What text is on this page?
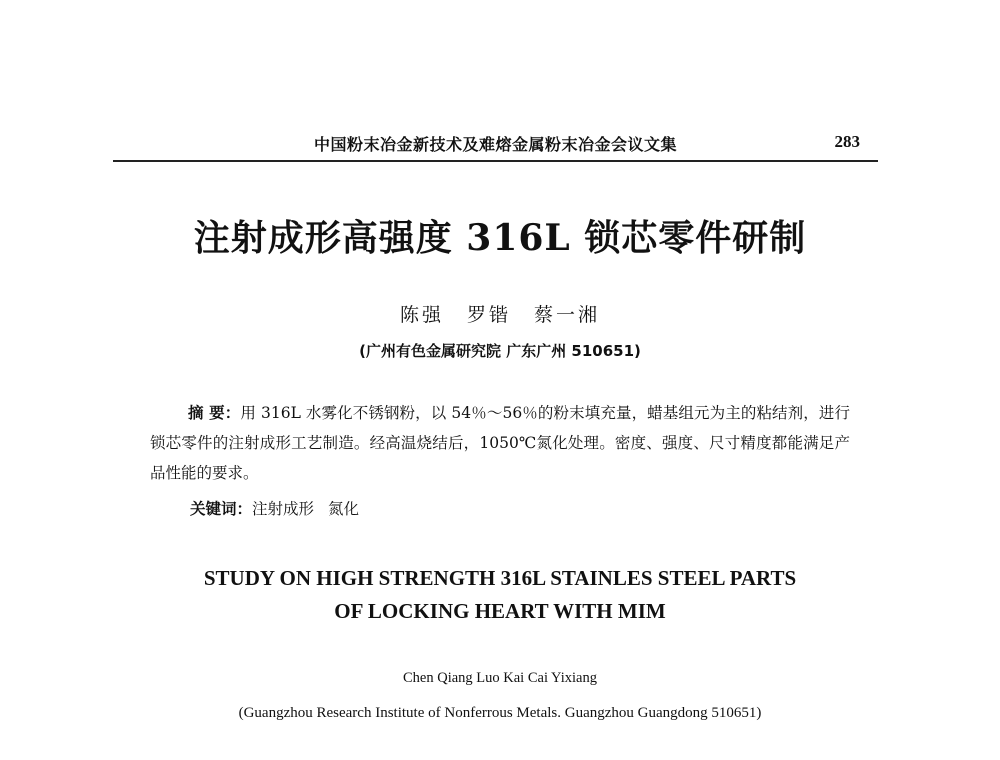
中国粉末冶金新技术及难熔金属粉末冶金会议文集	283
注射成形高强度 316L 锁芯零件研制
陈强 罗锴 蔡一湘
(广州有色金属研究院 广东广州 510651)
摘 要：用 316L 水雾化不锈钢粉，以 54％～56％的粉末填充量，蜡基组元为主的粘结剂，进行锁芯零件的注射成形工艺制造。经高温烧结后，1050℃氮化处理。密度、强度、尺寸精度都能满足产品性能的要求。
关键词：注射成形 氮化
STUDY ON HIGH STRENGTH 316L STAINLES STEEL PARTS
OF LOCKING HEART WITH MIM
Chen Qiang Luo Kai Cai Yixiang
(Guangzhou Research Institute of Nonferrous Metals. Guangzhou Guangdong 510651)
